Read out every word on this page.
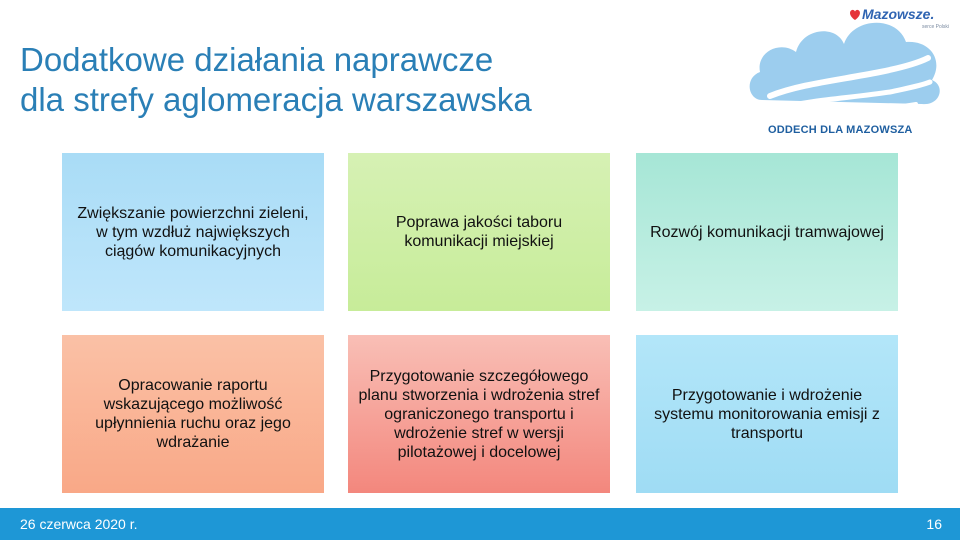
Dodatkowe działania naprawcze
dla strefy aglomeracja warszawska
Mazowsze.
serce Polski
ODDECH DLA MAZOWSZA
Zwiększanie powierzchni zieleni, w tym wzdłuż największych ciągów komunikacyjnych
Poprawa jakości taboru komunikacji miejskiej
Rozwój komunikacji tramwajowej
Opracowanie raportu wskazującego możliwość upłynnienia ruchu oraz jego wdrażanie
Przygotowanie szczegółowego planu stworzenia i wdrożenia stref ograniczonego transportu i wdrożenie stref w wersji pilotażowej i docelowej
Przygotowanie i wdrożenie systemu monitorowania emisji z transportu
26 czerwca 2020 r.	16
